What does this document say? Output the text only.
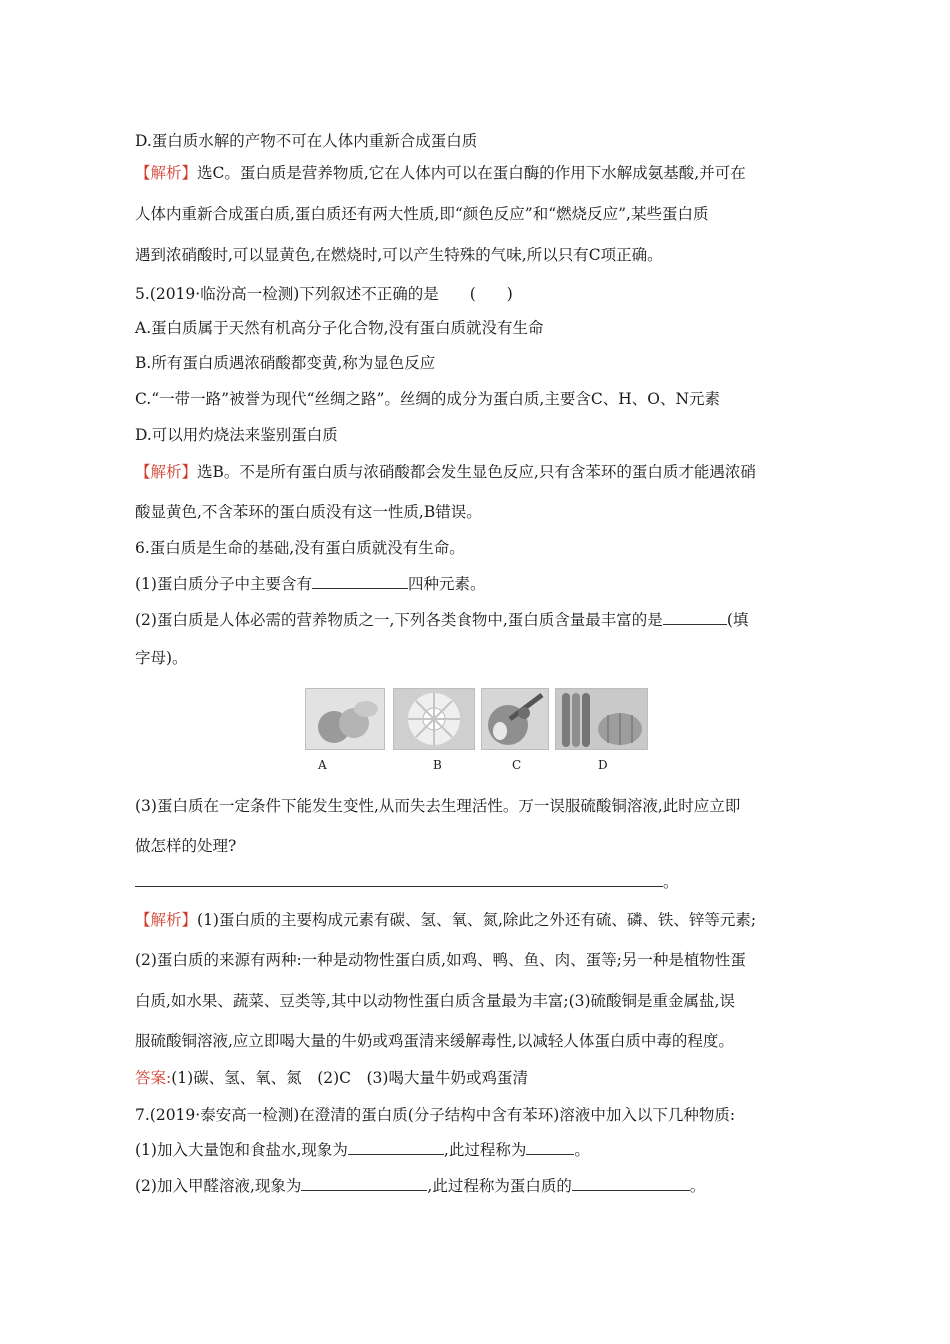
D.蛋白质水解的产物不可在人体内重新合成蛋白质
【解析】选C。蛋白质是营养物质,它在人体内可以在蛋白酶的作用下水解成氨基酸,并可在
人体内重新合成蛋白质,蛋白质还有两大性质,即“颜色反应”和“燃烧反应”,某些蛋白质
遇到浓硝酸时,可以显黄色,在燃烧时,可以产生特殊的气味,所以只有C项正确。
5.(2019·临汾高一检测)下列叙述不正确的是　　(　　)
A.蛋白质属于天然有机高分子化合物,没有蛋白质就没有生命
B.所有蛋白质遇浓硝酸都变黄,称为显色反应
C.“一带一路”被誉为现代“丝绸之路”。丝绸的成分为蛋白质,主要含C、H、O、N元素
D.可以用灼烧法来鉴别蛋白质
【解析】选B。不是所有蛋白质与浓硝酸都会发生显色反应,只有含苯环的蛋白质才能遇浓硝
酸显黄色,不含苯环的蛋白质没有这一性质,B错误。
6.蛋白质是生命的基础,没有蛋白质就没有生命。
(1)蛋白质分子中主要含有	四种元素。
(2)蛋白质是人体必需的营养物质之一,下列各类食物中,蛋白质含量最丰富的是	(填
字母)。
A	B	C	D
(3)蛋白质在一定条件下能发生变性,从而失去生理活性。万一误服硫酸铜溶液,此时应立即
做怎样的处理?
。
【解析】(1)蛋白质的主要构成元素有碳、氢、氧、氮,除此之外还有硫、磷、铁、锌等元素;
(2)蛋白质的来源有两种:一种是动物性蛋白质,如鸡、鸭、鱼、肉、蛋等;另一种是植物性蛋
白质,如水果、蔬菜、豆类等,其中以动物性蛋白质含量最为丰富;(3)硫酸铜是重金属盐,误
服硫酸铜溶液,应立即喝大量的牛奶或鸡蛋清来缓解毒性,以减轻人体蛋白质中毒的程度。
答案:(1)碳、氢、氧、氮　(2)C　(3)喝大量牛奶或鸡蛋清
7.(2019·泰安高一检测)在澄清的蛋白质(分子结构中含有苯环)溶液中加入以下几种物质:
(1)加入大量饱和食盐水,现象为	,此过程称为	。
(2)加入甲醛溶液,现象为	,此过程称为蛋白质的	。
